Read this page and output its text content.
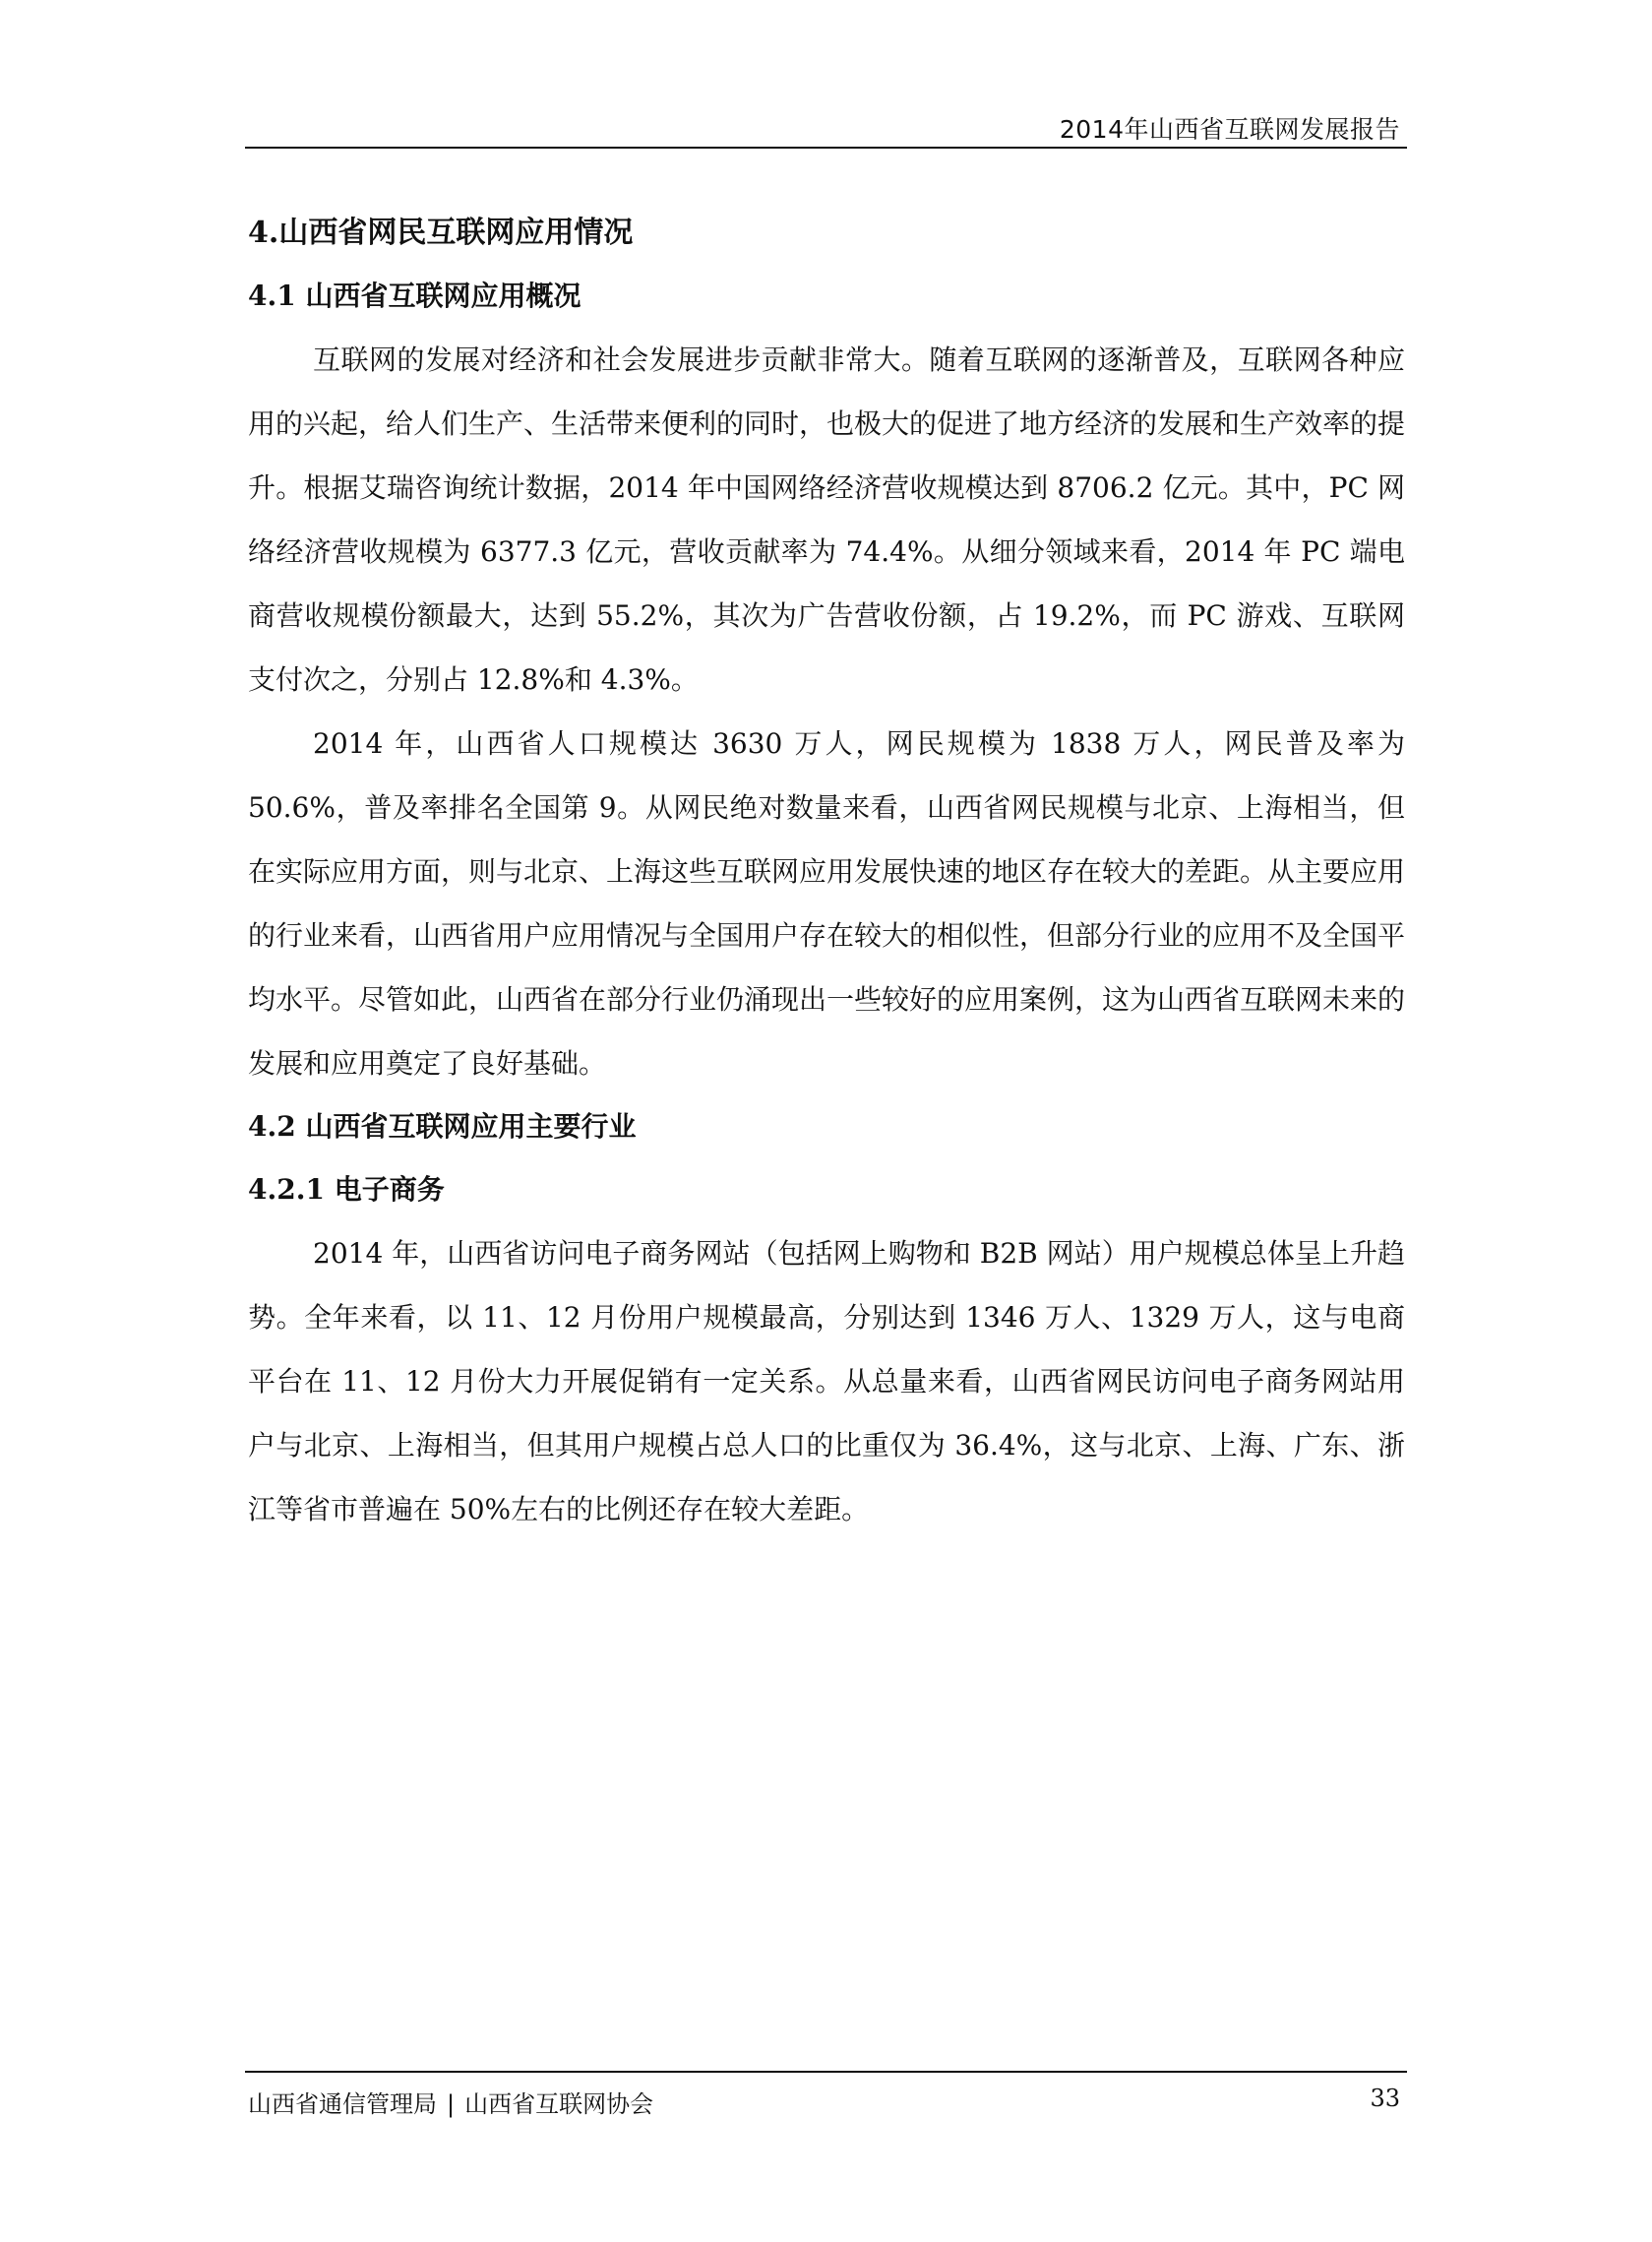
2014年山西省互联网发展报告
4.山西省网民互联网应用情况
4.1 山西省互联网应用概况

互联网的发展对经济和社会发展进步贡献非常大。随着互联网的逐渐普及，互联网各种应用的兴起，给人们生产、生活带来便利的同时，也极大的促进了地方经济的发展和生产效率的提升。根据艾瑞咨询统计数据，2014 年中国网络经济营收规模达到 8706.2 亿元。其中，PC 网络经济营收规模为 6377.3 亿元，营收贡献率为 74.4%。从细分领域来看，2014 年 PC 端电商营收规模份额最大，达到 55.2%，其次为广告营收份额，占 19.2%，而 PC 游戏、互联网支付次之，分别占 12.8%和 4.3%。

2014 年，山西省人口规模达 3630 万人，网民规模为 1838 万人，网民普及率为 50.6%，普及率排名全国第 9。从网民绝对数量来看，山西省网民规模与北京、上海相当，但在实际应用方面，则与北京、上海这些互联网应用发展快速的地区存在较大的差距。从主要应用的行业来看，山西省用户应用情况与全国用户存在较大的相似性，但部分行业的应用不及全国平均水平。尽管如此，山西省在部分行业仍涌现出一些较好的应用案例，这为山西省互联网未来的发展和应用奠定了良好基础。

4.2 山西省互联网应用主要行业
4.2.1 电子商务

2014 年，山西省访问电子商务网站（包括网上购物和 B2B 网站）用户规模总体呈上升趋势。全年来看，以 11、12 月份用户规模最高，分别达到 1346 万人、1329 万人，这与电商平台在 11、12 月份大力开展促销有一定关系。从总量来看，山西省网民访问电子商务网站用户与北京、上海相当，但其用户规模占总人口的比重仅为 36.4%，这与北京、上海、广东、浙江等省市普遍在 50%左右的比例还存在较大差距。

山西省通信管理局 | 山西省互联网协会	33
